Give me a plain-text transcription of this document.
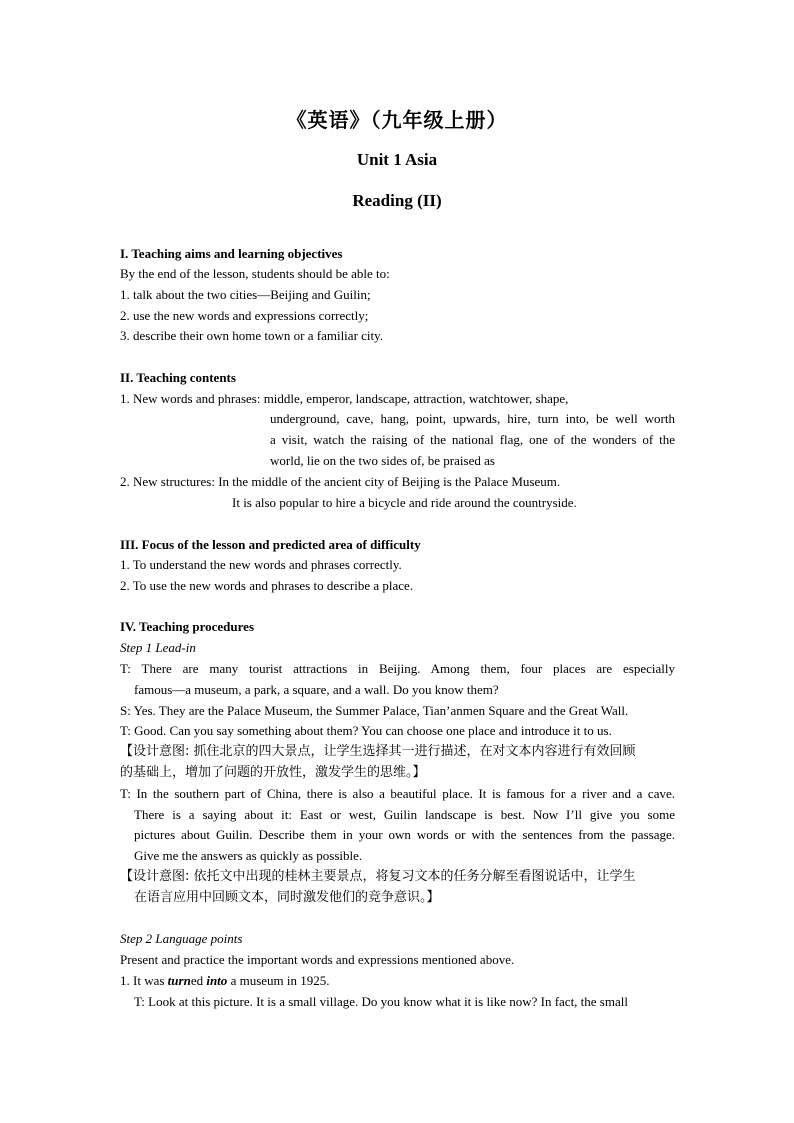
《英语》（九年级上册）
Unit 1 Asia
Reading (II)
I. Teaching aims and learning objectives
By the end of the lesson, students should be able to:
1. talk about the two cities—Beijing and Guilin;
2. use the new words and expressions correctly;
3. describe their own home town or a familiar city.
II. Teaching contents
1. New words and phrases: middle, emperor, landscape, attraction, watchtower, shape,
underground, cave, hang, point, upwards, hire, turn into, be well worth
a visit, watch the raising of the national flag, one of the wonders of the
world, lie on the two sides of, be praised as
2. New structures: In the middle of the ancient city of Beijing is the Palace Museum.
It is also popular to hire a bicycle and ride around the countryside.
III. Focus of the lesson and predicted area of difficulty
1. To understand the new words and phrases correctly.
2. To use the new words and phrases to describe a place.
IV. Teaching procedures
Step 1 Lead-in
T: There are many tourist attractions in Beijing. Among them, four places are especially
famous—a museum, a park, a square, and a wall. Do you know them?
S: Yes. They are the Palace Museum, the Summer Palace, Tian’anmen Square and the Great Wall.
T: Good. Can you say something about them? You can choose one place and introduce it to us.
【设计意图: 抓住北京的四大景点，让学生选择其一进行描述，在对文本内容进行有效回顾
的基础上，增加了问题的开放性，激发学生的思维。】
T: In the southern part of China, there is also a beautiful place. It is famous for a river and a cave.
There is a saying about it: East or west, Guilin landscape is best. Now I’ll give you some
pictures about Guilin. Describe them in your own words or with the sentences from the passage.
Give me the answers as quickly as possible.
【设计意图: 依托文中出现的桂林主要景点，将复习文本的任务分解至看图说话中，让学生
在语言应用中回顾文本，同时激发他们的竞争意识。】
Step 2 Language points
Present and practice the important words and expressions mentioned above.
1. It was turned into a museum in 1925.
T: Look at this picture. It is a small village. Do you know what it is like now? In fact, the small
